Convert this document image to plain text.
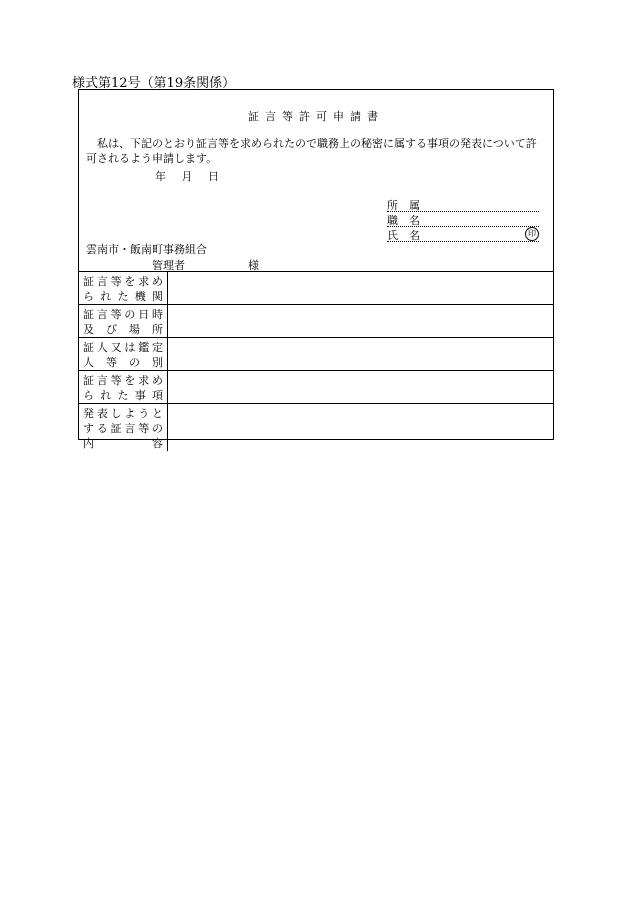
様式第12号（第19条関係）
証言等許可申請書
私は、下記のとおり証言等を求められたので職務上の秘密に属する事項の発表について許可されるよう申請します。
年 月 日
所　属
職　名
氏　名	印
雲南市・飯南町事務組合
管理者	様
証言等を求め
られた機関	

証言等の日時
及び場所	

証人又は鑑定
人等の別	

証言等を求め
られた事項	

発表しようと
する証言等の
内容	
